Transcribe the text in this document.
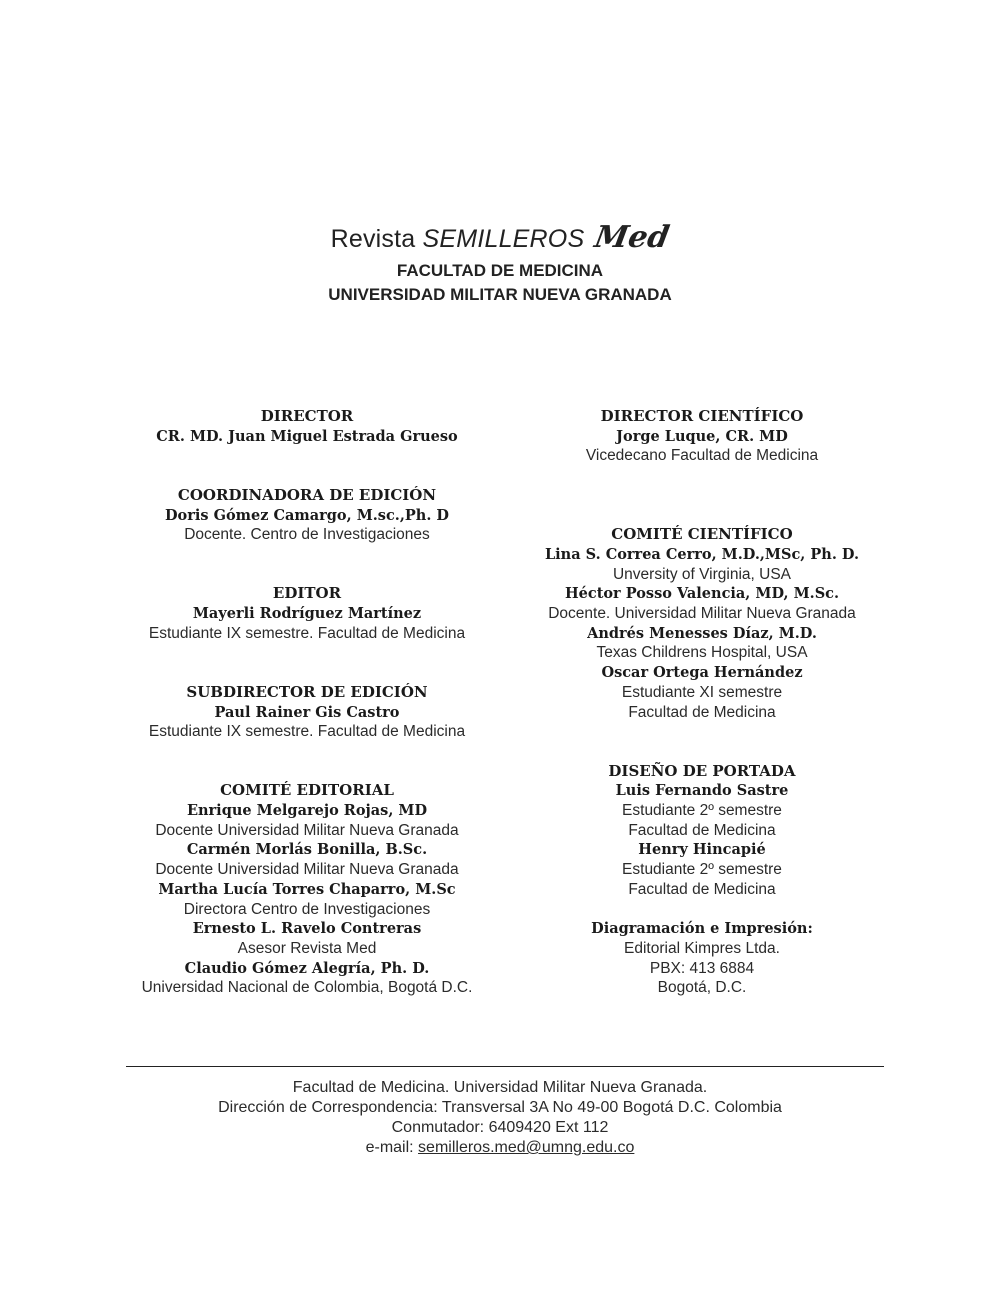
Revista SEMILLEROS Med
FACULTAD DE MEDICINA
UNIVERSIDAD MILITAR NUEVA GRANADA
DIRECTOR
CR. MD. Juan Miguel Estrada Grueso
COORDINADORA DE EDICIÓN
Doris Gómez Camargo, M.sc.,Ph. D
Docente. Centro de Investigaciones
EDITOR
Mayerli Rodríguez Martínez
Estudiante IX semestre. Facultad de Medicina
SUBDIRECTOR DE EDICIÓN
Paul Rainer Gis Castro
Estudiante IX semestre. Facultad de Medicina
COMITÉ EDITORIAL
Enrique Melgarejo Rojas, MD
Docente Universidad Militar Nueva Granada
Carmén Morlás Bonilla, B.Sc.
Docente Universidad Militar Nueva Granada
Martha Lucía Torres Chaparro, M.Sc
Directora Centro de Investigaciones
Ernesto L. Ravelo Contreras
Asesor Revista Med
Claudio Gómez Alegría, Ph. D.
Universidad Nacional de Colombia, Bogotá D.C.
DIRECTOR CIENTÍFICO
Jorge Luque, CR. MD
Vicedecano Facultad de Medicina
COMITÉ CIENTÍFICO
Lina S. Correa Cerro, M.D.,MSc, Ph. D.
Unversity of Virginia, USA
Héctor Posso Valencia, MD, M.Sc.
Docente. Universidad Militar Nueva Granada
Andrés Menesses Díaz, M.D.
Texas Childrens Hospital, USA
Oscar Ortega Hernández
Estudiante XI semestre
Facultad de Medicina
DISEÑO DE PORTADA
Luis Fernando Sastre
Estudiante 2º semestre
Facultad de Medicina
Henry Hincapié
Estudiante 2º semestre
Facultad de Medicina
Diagramación e Impresión:
Editorial Kimpres Ltda.
PBX: 413 6884
Bogotá, D.C.
Facultad de Medicina. Universidad Militar Nueva Granada.
Dirección de Correspondencia: Transversal 3A No 49-00 Bogotá D.C. Colombia
Conmutador: 6409420 Ext 112
e-mail: semilleros.med@umng.edu.co
